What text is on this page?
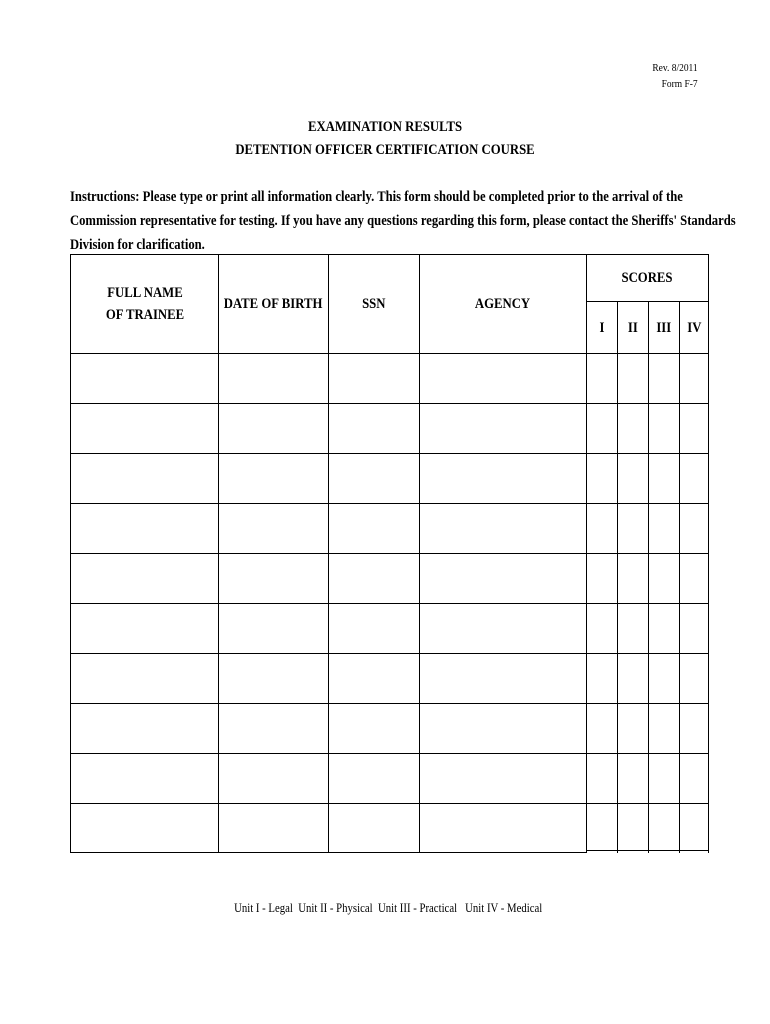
Rev. 8/2011
Form F-7
EXAMINATION RESULTS
DETENTION OFFICER CERTIFICATION COURSE
Instructions: Please type or print all information clearly. This form should be completed prior to the arrival of the
Commission representative for testing. If you have any questions regarding this form, please contact the Sheriffs' Standards
Division for clarification.
FULL NAME OF TRAINEE
DATE OF BIRTH	SSN	AGENCY
SCORES
I II III IV

Unit I - Legal  Unit II - Physical  Unit III - Practical   Unit IV - Medical
